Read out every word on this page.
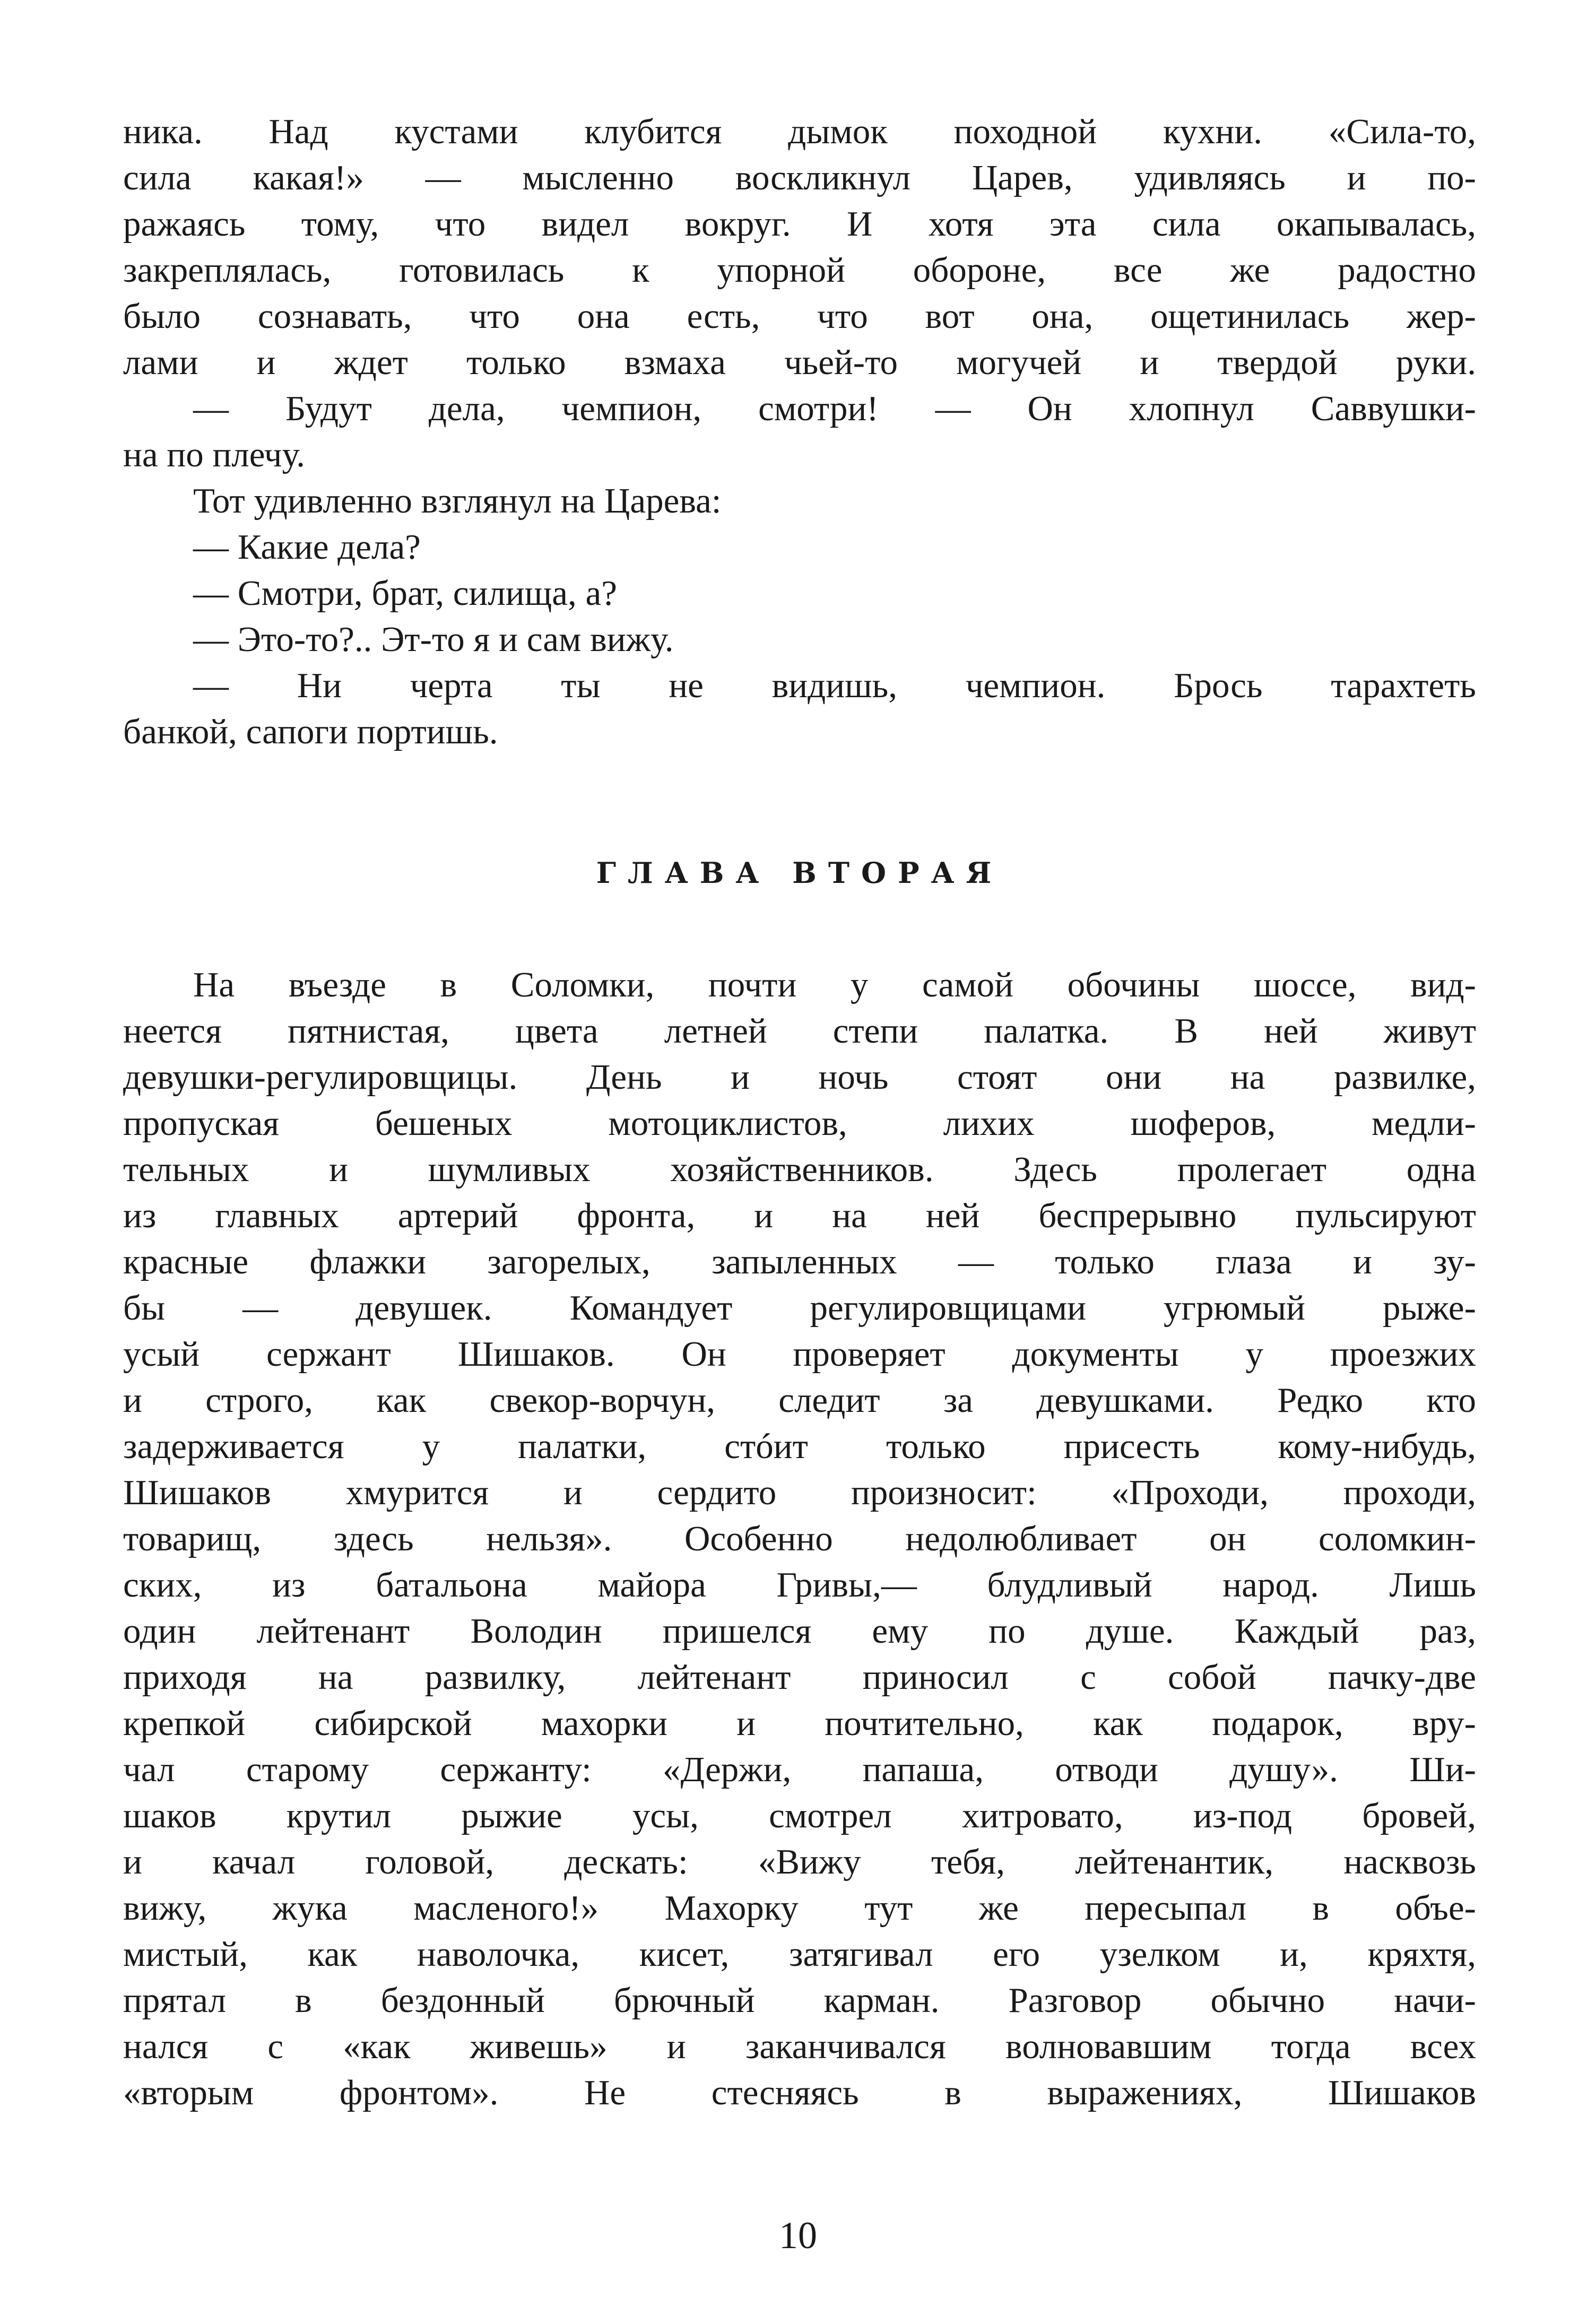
ника. Над кустами клубится дымок походной кухни. «Сила-то,
сила какая!» — мысленно воскликнул Царев, удивляясь и по-
ражаясь тому, что видел вокруг. И хотя эта сила окапывалась,
закреплялась, готовилась к упорной обороне, все же радостно
было сознавать, что она есть, что вот она, ощетинилась жер-
лами и ждет только взмаха чьей-то могучей и твердой руки.
— Будут дела, чемпион, смотри! — Он хлопнул Саввушки-
на по плечу.
Тот удивленно взглянул на Царева:
— Какие дела?
— Смотри, брат, силища, а?
— Это-то?.. Эт-то я и сам вижу.
— Ни черта ты не видишь, чемпион. Брось тарахтеть
банкой, сапоги портишь.
ГЛАВА ВТОРАЯ
На въезде в Соломки, почти у самой обочины шоссе, вид-
неется пятнистая, цвета летней степи палатка. В ней живут
девушки-регулировщицы. День и ночь стоят они на развилке,
пропуская бешеных мотоциклистов, лихих шоферов, медли-
тельных и шумливых хозяйственников. Здесь пролегает одна
из главных артерий фронта, и на ней беспрерывно пульсируют
красные флажки загорелых, запыленных — только глаза и зу-
бы — девушек. Командует регулировщицами угрюмый рыже-
усый сержант Шишаков. Он проверяет документы у проезжих
и строго, как свекор-ворчун, следит за девушками. Редко кто
задерживается у палатки, стóит только присесть кому-нибудь,
Шишаков хмурится и сердито произносит: «Проходи, проходи,
товарищ, здесь нельзя». Особенно недолюбливает он соломкин-
ских, из батальона майора Гривы,— блудливый народ. Лишь
один лейтенант Володин пришелся ему по душе. Каждый раз,
приходя на развилку, лейтенант приносил с собой пачку-две
крепкой сибирской махорки и почтительно, как подарок, вру-
чал старому сержанту: «Держи, папаша, отводи душу». Ши-
шаков крутил рыжие усы, смотрел хитровато, из-под бровей,
и качал головой, дескать: «Вижу тебя, лейтенантик, насквозь
вижу, жука масленого!» Махорку тут же пересыпал в объе-
мистый, как наволочка, кисет, затягивал его узелком и, кряхтя,
прятал в бездонный брючный карман. Разговор обычно начи-
нался с «как живешь» и заканчивался волновавшим тогда всех
«вторым фронтом». Не стесняясь в выражениях, Шишаков
10
